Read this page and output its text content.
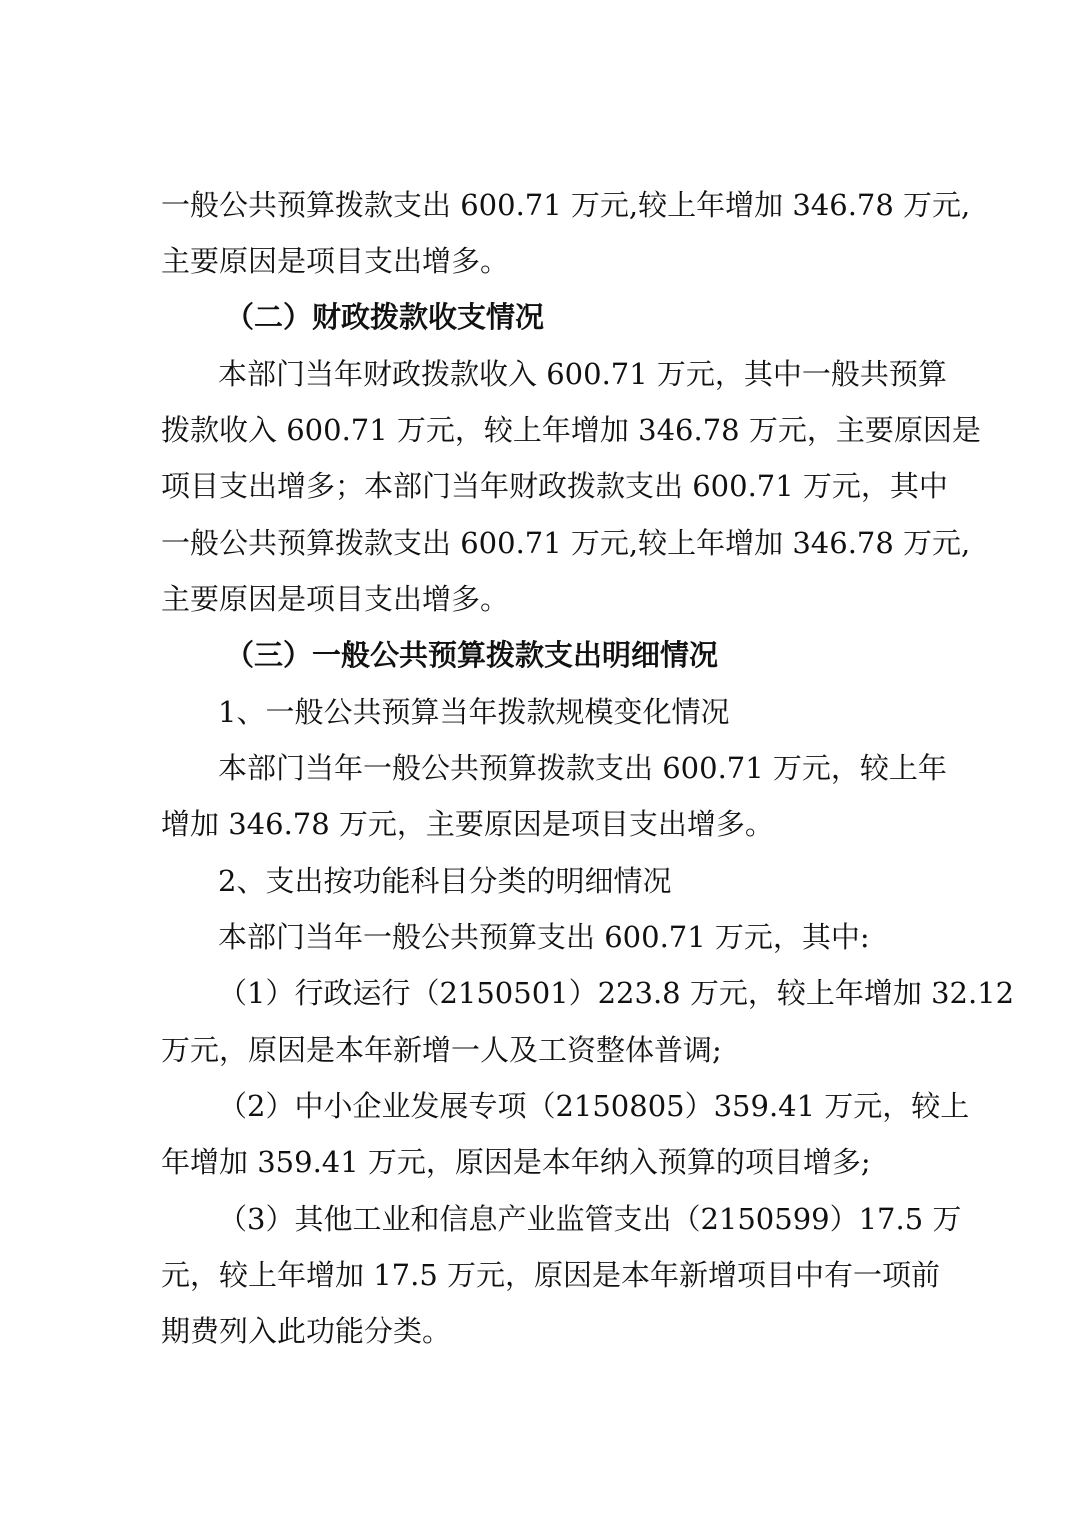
一般公共预算拨款支出 600.71 万元,较上年增加 346.78 万元,
主要原因是项目支出增多。
（二）财政拨款收支情况
本部门当年财政拨款收入 600.71 万元，其中一般共预算
拨款收入 600.71 万元，较上年增加 346.78 万元，主要原因是
项目支出增多；本部门当年财政拨款支出 600.71 万元，其中
一般公共预算拨款支出 600.71 万元,较上年增加 346.78 万元,
主要原因是项目支出增多。
（三）一般公共预算拨款支出明细情况
1、一般公共预算当年拨款规模变化情况
本部门当年一般公共预算拨款支出 600.71 万元，较上年
增加 346.78 万元，主要原因是项目支出增多。
2、支出按功能科目分类的明细情况
本部门当年一般公共预算支出 600.71 万元，其中:
（1）行政运行（2150501）223.8 万元，较上年增加 32.12
万元，原因是本年新增一人及工资整体普调;
（2）中小企业发展专项（2150805）359.41 万元，较上
年增加 359.41 万元，原因是本年纳入预算的项目增多;
（3）其他工业和信息产业监管支出（2150599）17.5 万
元，较上年增加 17.5 万元，原因是本年新增项目中有一项前
期费列入此功能分类。
